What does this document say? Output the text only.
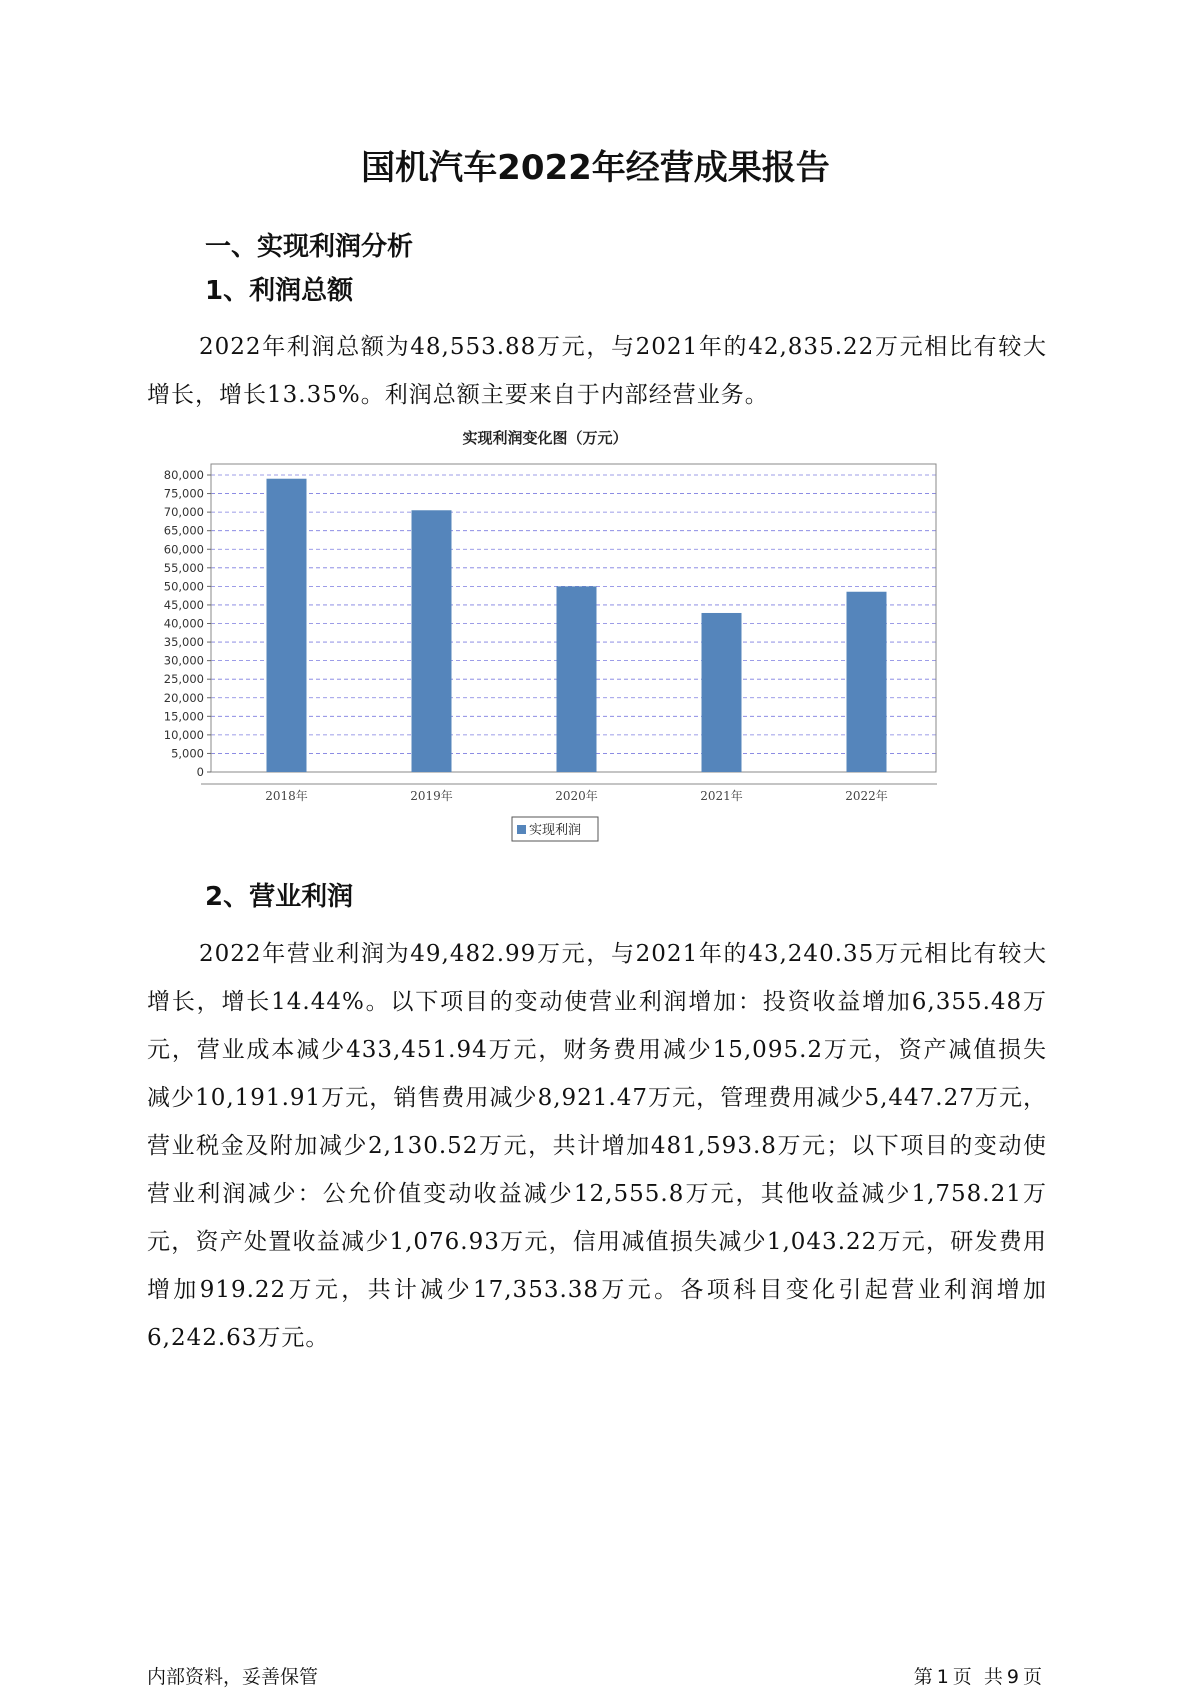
国机汽车2022年经营成果报告
一、实现利润分析
1、利润总额

2022年利润总额为48,553.88万元，与2021年的42,835.22万元相比有较大增长，增长13.35%。利润总额主要来自于内部经营业务。

实现利润变化图（万元）
0
5,000
10,000
15,000
20,000
25,000
30,000
35,000
40,000
45,000
50,000
55,000
60,000
65,000
70,000
75,000
80,000
2018年	2019年	2020年	2021年	2022年
实现利润
2、营业利润

2022年营业利润为49,482.99万元，与2021年的43,240.35万元相比有较大增长，增长14.44%。以下项目的变动使营业利润增加：投资收益增加6,355.48万元，营业成本减少433,451.94万元，财务费用减少15,095.2万元，资产减值损失减少10,191.91万元，销售费用减少8,921.47万元，管理费用减少5,447.27万元，营业税金及附加减少2,130.52万元，共计增加481,593.8万元；以下项目的变动使营业利润减少：公允价值变动收益减少12,555.8万元，其他收益减少1,758.21万元，资产处置收益减少1,076.93万元，信用减值损失减少1,043.22万元，研发费用增加919.22万元，共计减少17,353.38万元。各项科目变化引起营业利润增加6,242.63万元。

内部资料，妥善保管	第 1 页  共 9 页
